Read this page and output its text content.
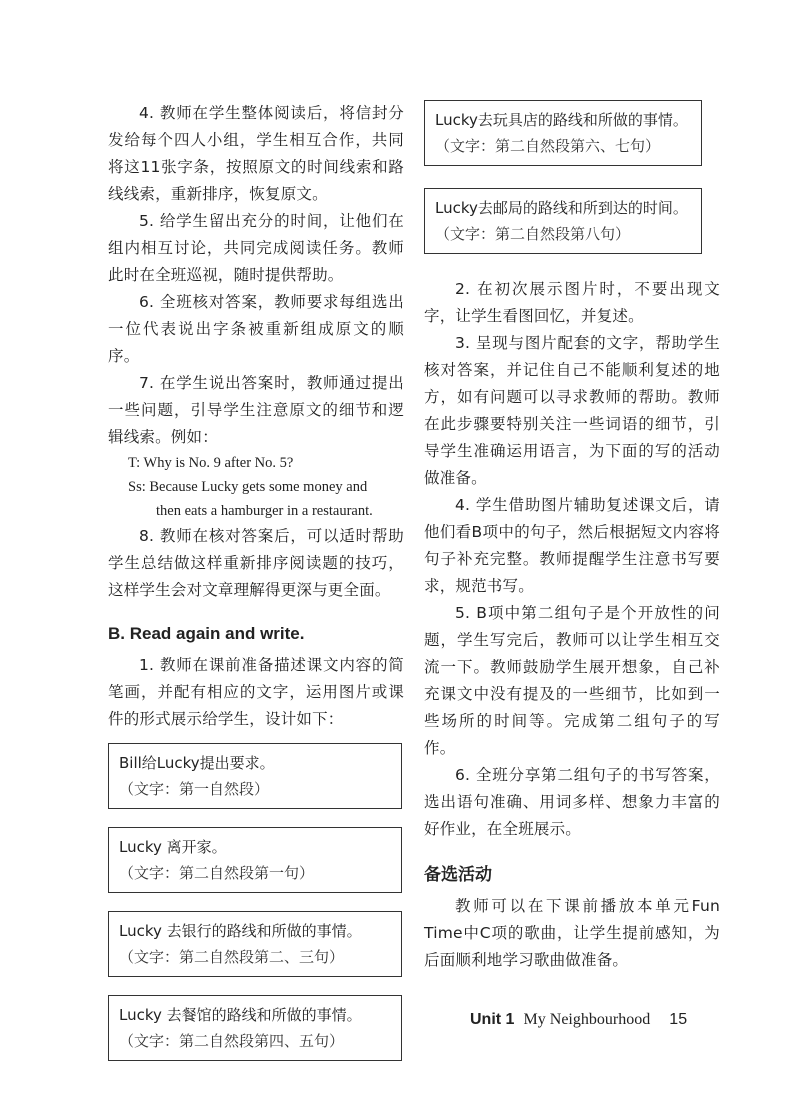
4. 教师在学生整体阅读后，将信封分发给每个四人小组，学生相互合作，共同将这11张字条，按照原文的时间线索和路线线索，重新排序，恢复原文。

5. 给学生留出充分的时间，让他们在组内相互讨论，共同完成阅读任务。教师此时在全班巡视，随时提供帮助。

6. 全班核对答案，教师要求每组选出一位代表说出字条被重新组成原文的顺序。

7. 在学生说出答案时，教师通过提出一些问题，引导学生注意原文的细节和逻辑线索。例如：

T: Why is No. 9 after No. 5?
Ss: Because Lucky gets some money and
then eats a hamburger in a restaurant.

8. 教师在核对答案后，可以适时帮助学生总结做这样重新排序阅读题的技巧，这样学生会对文章理解得更深与更全面。

B. Read again and write.

1. 教师在课前准备描述课文内容的简笔画，并配有相应的文字，运用图片或课件的形式展示给学生，设计如下：

Bill给Lucky提出要求。
（文字：第一自然段）
Lucky 离开家。
（文字：第二自然段第一句）
Lucky 去银行的路线和所做的事情。
（文字：第二自然段第二、三句）
Lucky 去餐馆的路线和所做的事情。
（文字：第二自然段第四、五句）
Lucky去玩具店的路线和所做的事情。
（文字：第二自然段第六、七句）
Lucky去邮局的路线和所到达的时间。
（文字：第二自然段第八句）

2. 在初次展示图片时，不要出现文字，让学生看图回忆，并复述。

3. 呈现与图片配套的文字，帮助学生核对答案，并记住自己不能顺利复述的地方，如有问题可以寻求教师的帮助。教师在此步骤要特别关注一些词语的细节，引导学生准确运用语言，为下面的写的活动做准备。

4. 学生借助图片辅助复述课文后，请他们看B项中的句子，然后根据短文内容将句子补充完整。教师提醒学生注意书写要求，规范书写。

5. B项中第二组句子是个开放性的问题，学生写完后，教师可以让学生相互交流一下。教师鼓励学生展开想象，自己补充课文中没有提及的一些细节，比如到一些场所的时间等。完成第二组句子的写作。

6. 全班分享第二组句子的书写答案，选出语句准确、用词多样、想象力丰富的好作业，在全班展示。

备选活动

教师可以在下课前播放本单元Fun Time中C项的歌曲，让学生提前感知，为后面顺利地学习歌曲做准备。

Unit 1 My Neighbourhood 15
